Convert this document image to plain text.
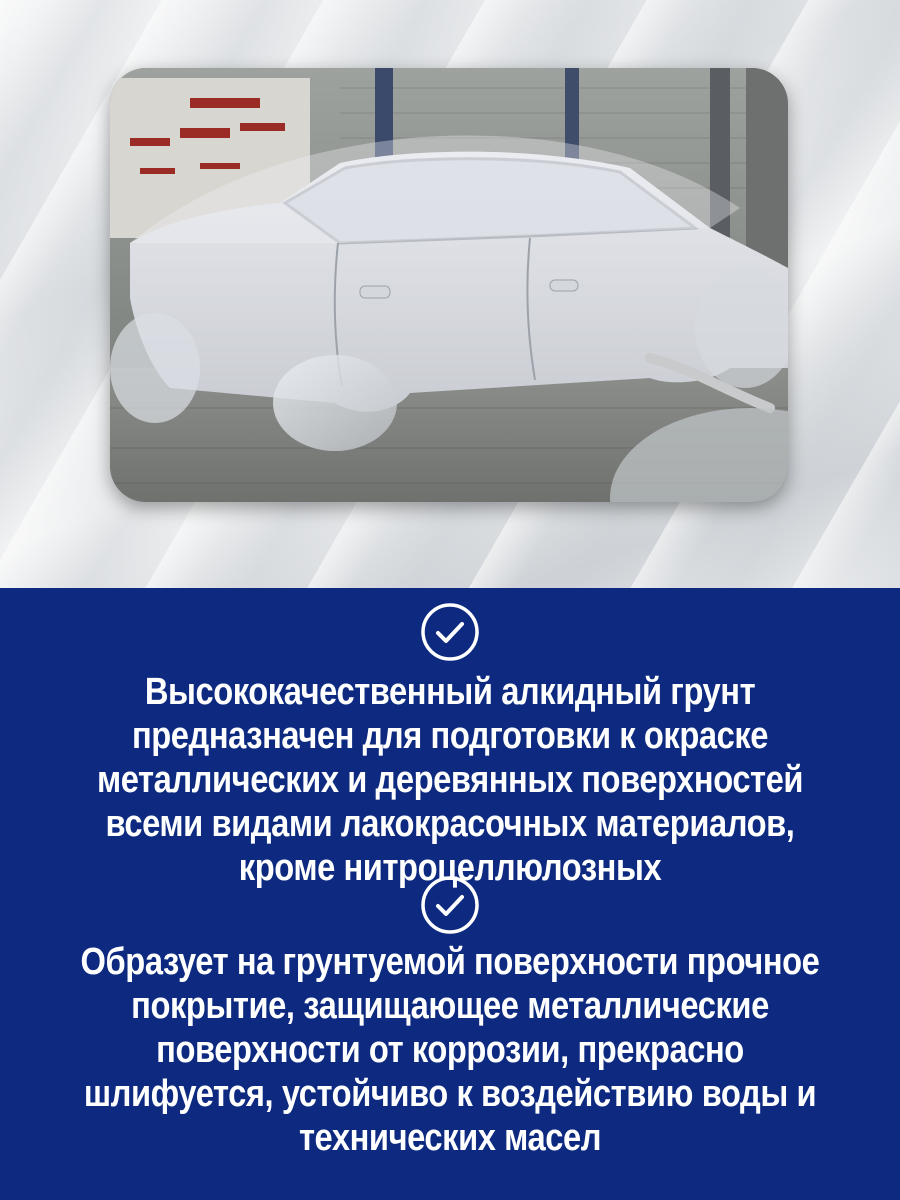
Высококачественный алкидный грунт предназначен для подготовки к окраске металлических и деревянных поверхностей всеми видами лакокрасочных материалов, кроме нитроцеллюлозных
Образует на грунтуемой поверхности прочное покрытие, защищающее металлические поверхности от коррозии, прекрасно шлифуется, устойчиво к воздействию воды и технических масел
